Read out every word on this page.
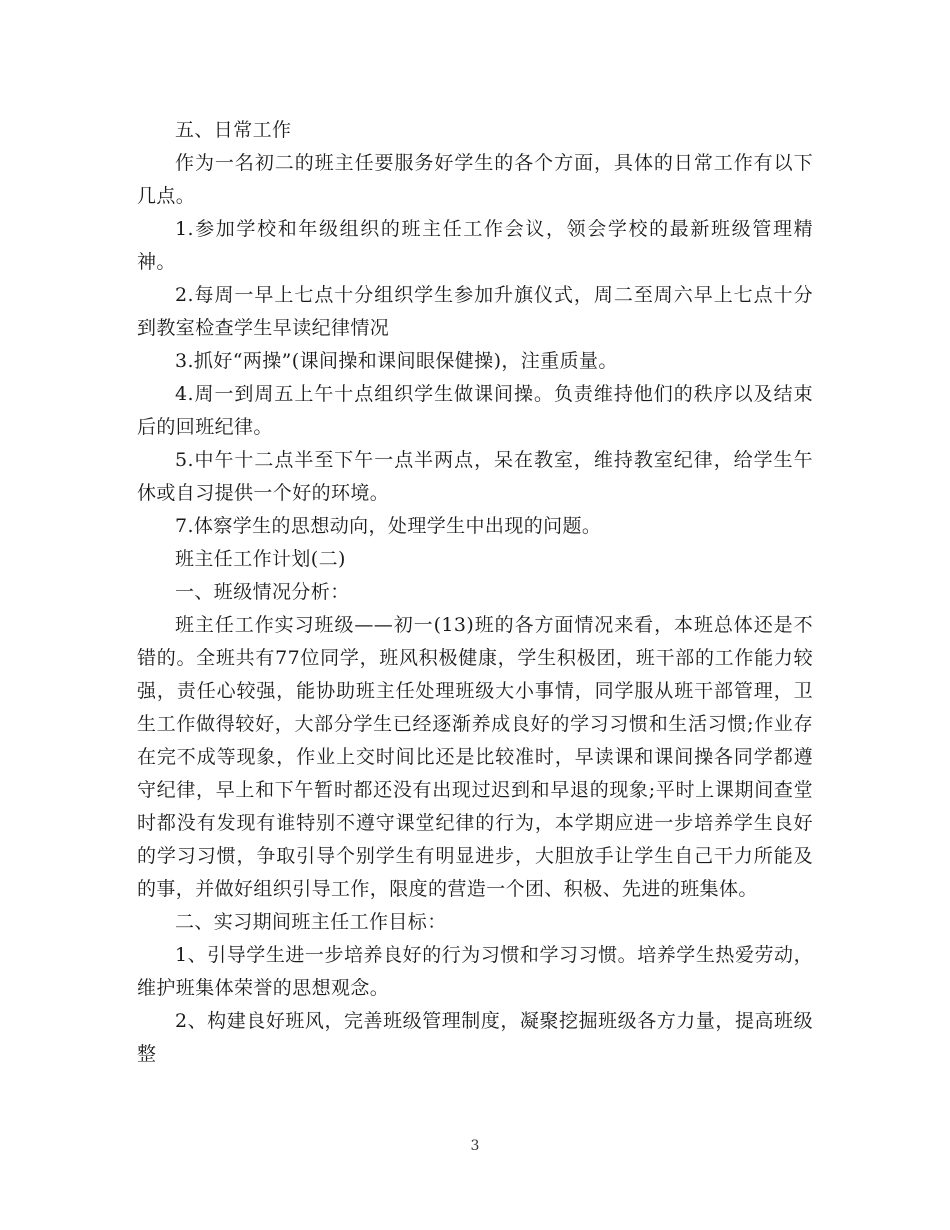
五、日常工作

作为一名初二的班主任要服务好学生的各个方面，具体的日常工作有以下几点。

1.参加学校和年级组织的班主任工作会议，领会学校的最新班级管理精神。

2.每周一早上七点十分组织学生参加升旗仪式，周二至周六早上七点十分到教室检查学生早读纪律情况

3.抓好“两操”(课间操和课间眼保健操)，注重质量。

4.周一到周五上午十点组织学生做课间操。负责维持他们的秩序以及结束后的回班纪律。

5.中午十二点半至下午一点半两点，呆在教室，维持教室纪律，给学生午休或自习提供一个好的环境。

7.体察学生的思想动向，处理学生中出现的问题。

班主任工作计划(二)

一、班级情况分析：

班主任工作实习班级——初一(13)班的各方面情况来看，本班总体还是不错的。全班共有77位同学，班风积极健康，学生积极团，班干部的工作能力较强，责任心较强，能协助班主任处理班级大小事情，同学服从班干部管理，卫生工作做得较好，大部分学生已经逐渐养成良好的学习习惯和生活习惯;作业存在完不成等现象，作业上交时间比还是比较准时，早读课和课间操各同学都遵守纪律，早上和下午暂时都还没有出现过迟到和早退的现象;平时上课期间查堂时都没有发现有谁特别不遵守课堂纪律的行为，本学期应进一步培养学生良好的学习习惯，争取引导个别学生有明显进步，大胆放手让学生自己干力所能及的事，并做好组织引导工作，限度的营造一个团、积极、先进的班集体。

二、实习期间班主任工作目标：

1、引导学生进一步培养良好的行为习惯和学习习惯。培养学生热爱劳动，维护班集体荣誉的思想观念。

2、构建良好班风，完善班级管理制度，凝聚挖掘班级各方力量，提高班级整

3
